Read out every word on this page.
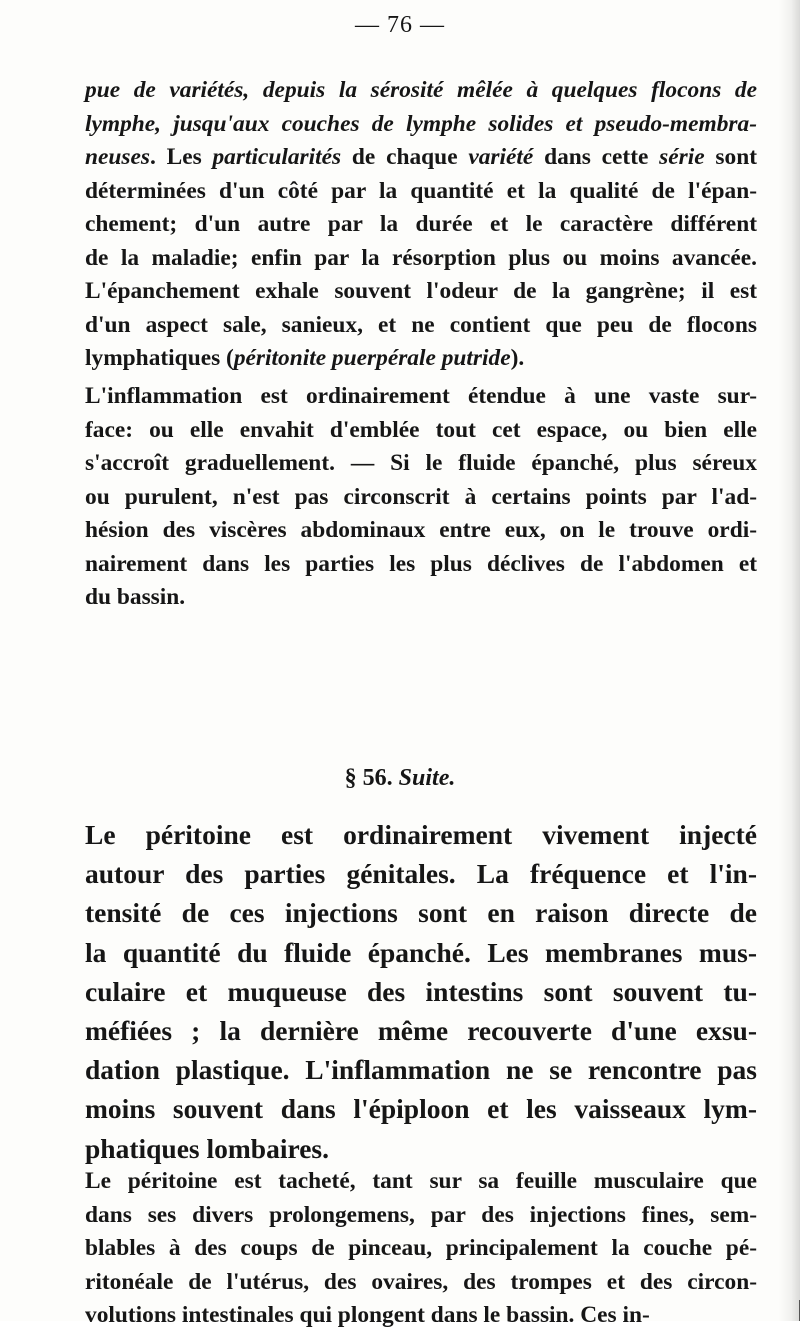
— 76 —
pue de variétés, depuis la sérosité mêlée à quelques flocons de
lymphe, jusqu'aux couches de lymphe solides et pseudo-membra-
neuses. Les particularités de chaque variété dans cette série sont
déterminées d'un côté par la quantité et la qualité de l'épan-
chement; d'un autre par la durée et le caractère différent
de la maladie; enfin par la résorption plus ou moins avancée.
L'épanchement exhale souvent l'odeur de la gangrène; il est
d'un aspect sale, sanieux, et ne contient que peu de flocons
lymphatiques (péritonite puerpérale putride).
L'inflammation est ordinairement étendue à une vaste sur-
face: ou elle envahit d'emblée tout cet espace, ou bien elle
s'accroît graduellement. — Si le fluide épanché, plus séreux
ou purulent, n'est pas circonscrit à certains points par l'ad-
hésion des viscères abdominaux entre eux, on le trouve ordi-
nairement dans les parties les plus déclives de l'abdomen et
du bassin.
§ 56. Suite.
Le péritoine est ordinairement vivement injecté
autour des parties génitales. La fréquence et l'in-
tensité de ces injections sont en raison directe de
la quantité du fluide épanché. Les membranes mus-
culaire et muqueuse des intestins sont souvent tu-
méfiées ; la dernière même recouverte d'une exsu-
dation plastique. L'inflammation ne se rencontre pas
moins souvent dans l'épiploon et les vaisseaux lym-
phatiques lombaires.
Le péritoine est tacheté, tant sur sa feuille musculaire que
dans ses divers prolongemens, par des injections fines, sem-
blables à des coups de pinceau, principalement la couche pé-
ritonéale de l'utérus, des ovaires, des trompes et des circon-
volutions intestinales qui plongent dans le bassin. Ces in-
